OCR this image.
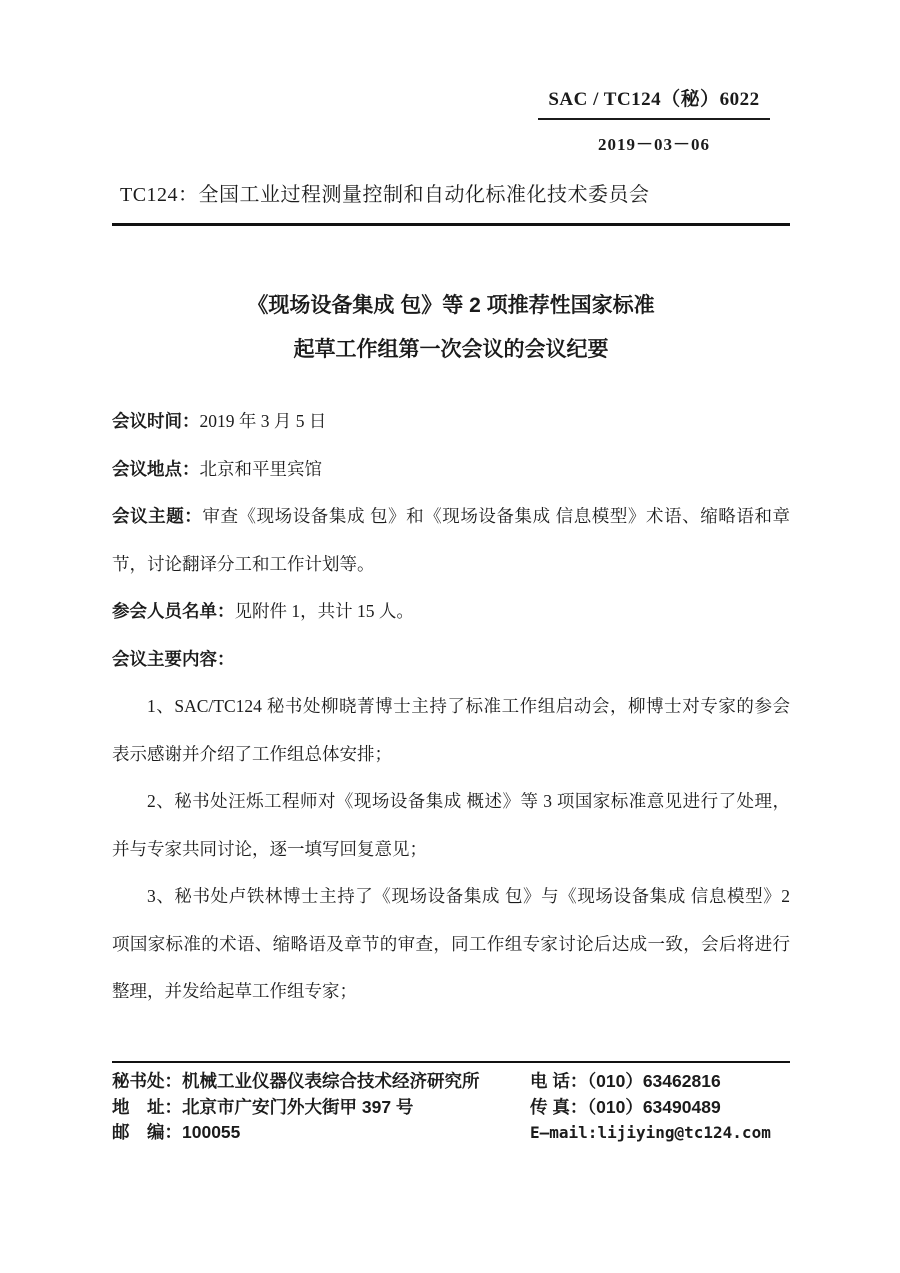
SAC / TC124（秘）6022
2019－03－06
TC124：全国工业过程测量控制和自动化标准化技术委员会

《现场设备集成 包》等 2 项推荐性国家标准

起草工作组第一次会议的会议纪要

会议时间：2019 年 3 月 5 日

会议地点：北京和平里宾馆

会议主题：审查《现场设备集成 包》和《现场设备集成 信息模型》术语、缩略语和章节，讨论翻译分工和工作计划等。

参会人员名单：见附件 1，共计 15 人。

会议主要内容：

1、SAC/TC124 秘书处柳晓菁博士主持了标准工作组启动会，柳博士对专家的参会表示感谢并介绍了工作组总体安排；

2、秘书处汪烁工程师对《现场设备集成 概述》等 3 项国家标准意见进行了处理，并与专家共同讨论，逐一填写回复意见；

3、秘书处卢铁林博士主持了《现场设备集成 包》与《现场设备集成 信息模型》2 项国家标准的术语、缩略语及章节的审查，同工作组专家讨论后达成一致，会后将进行整理，并发给起草工作组专家；

秘书处：机械工业仪器仪表综合技术经济研究所
地　址：北京市广安门外大街甲 397 号
邮　编：100055
电 话：（010）63462816
传 真：（010）63490489
E—mail:lijiying@tc124.com
